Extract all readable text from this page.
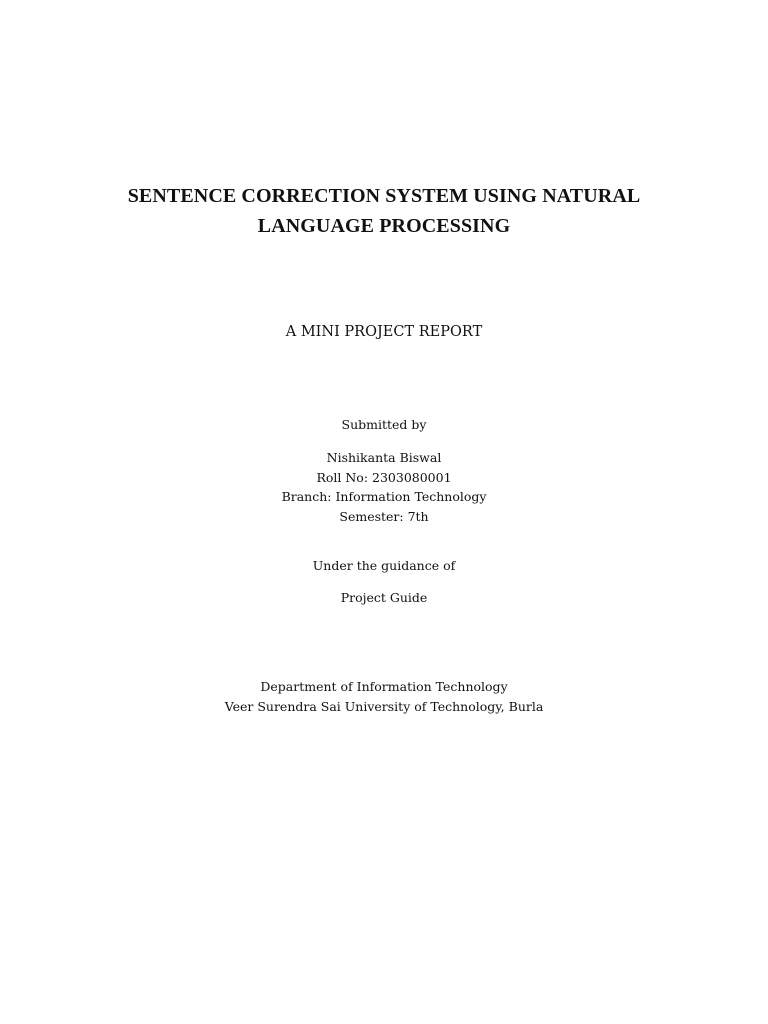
SENTENCE CORRECTION SYSTEM USING NATURAL
LANGUAGE PROCESSING
A MINI PROJECT REPORT
Submitted by
Nishikanta Biswal
Roll No: 2303080001
Branch: Information Technology
Semester: 7th
Under the guidance of
Project Guide
Department of Information Technology
Veer Surendra Sai University of Technology, Burla
